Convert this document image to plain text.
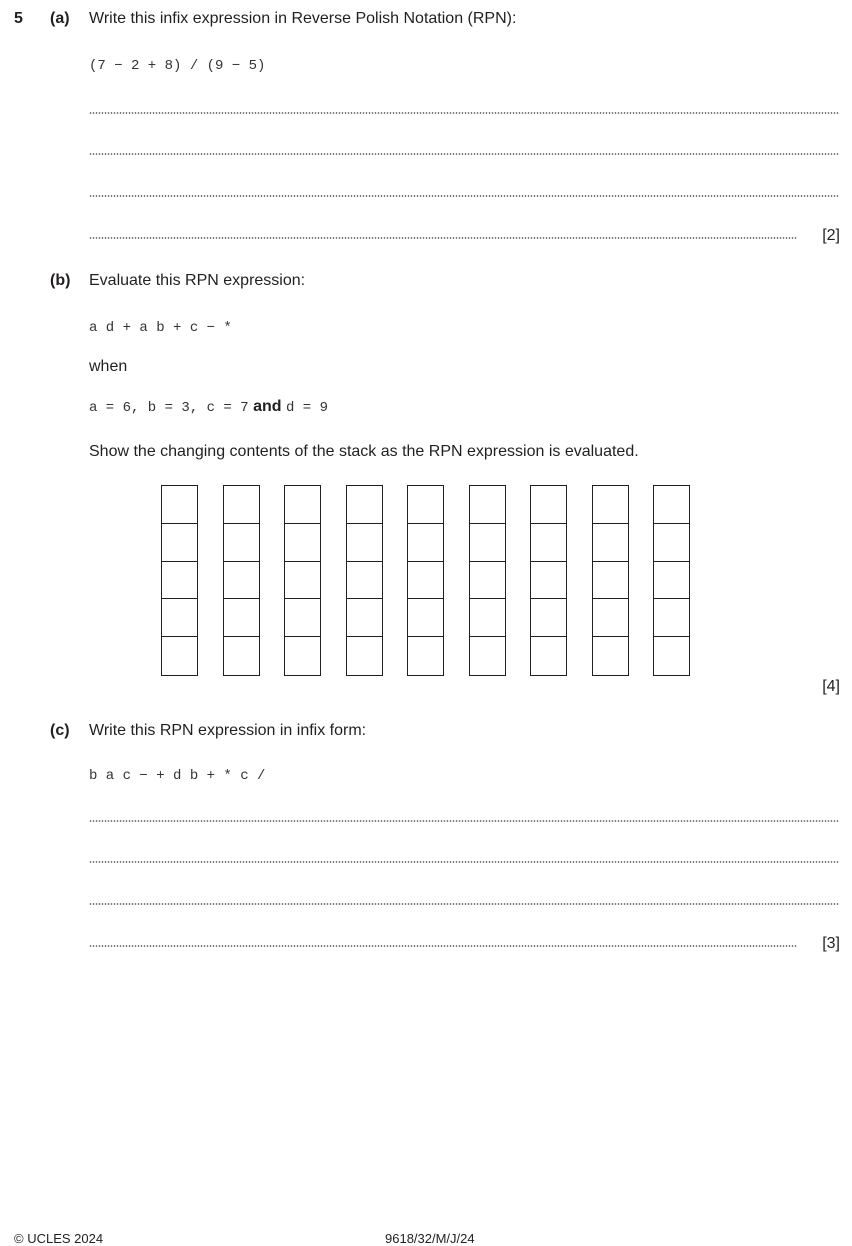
5 (a) Write this infix expression in Reverse Polish Notation (RPN):
(7 − 2 + 8) / (9 − 5)
[2]
(b) Evaluate this RPN expression:
a d + a b + c − *
when
a = 6, b = 3, c = 7 and d = 9
Show the changing contents of the stack as the RPN expression is evaluated.
[4]
(c) Write this RPN expression in infix form:
b a c − + d b + * c /
[3]
© UCLES 2024	9618/32/M/J/24
